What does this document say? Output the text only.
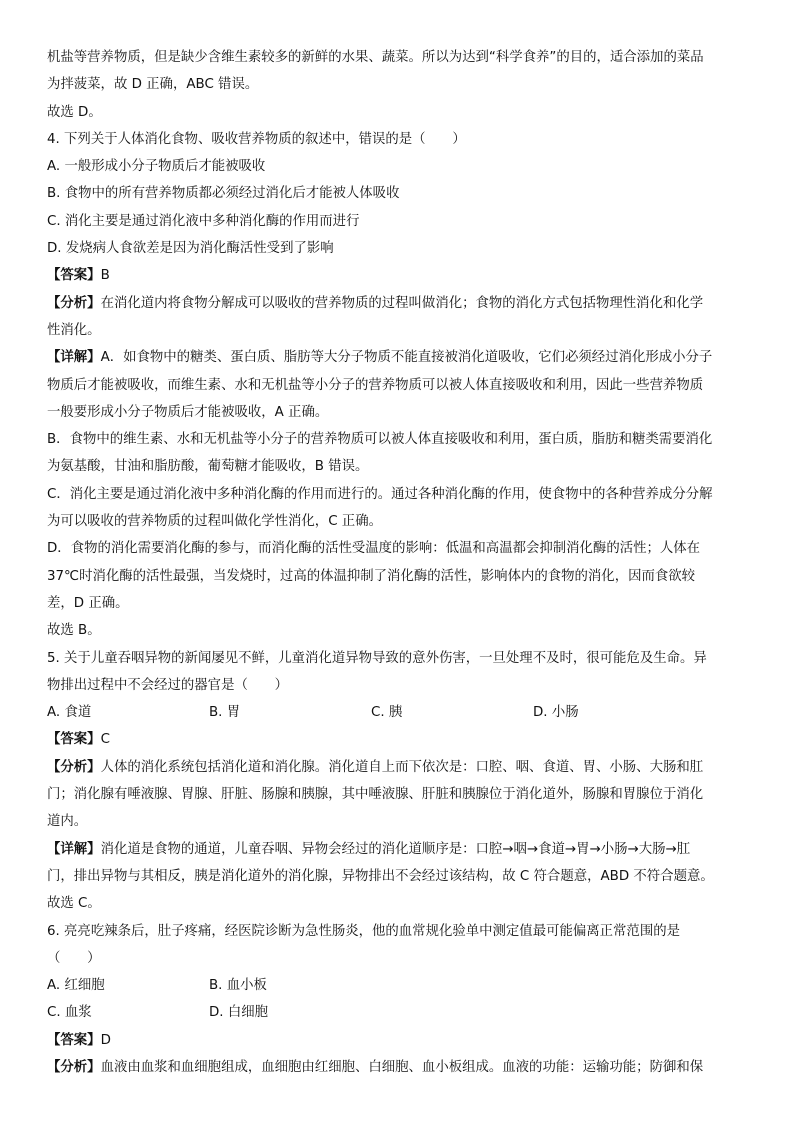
机盐等营养物质，但是缺少含维生素较多的新鲜的水果、蔬菜。所以为达到“科学食养”的目的，适合添加的菜品
为拌菠菜，故 D 正确，ABC 错误。
故选 D。
4. 下列关于人体消化食物、吸收营养物质的叙述中，错误的是（　　）
A. 一般形成小分子物质后才能被吸收
B. 食物中的所有营养物质都必须经过消化后才能被人体吸收
C. 消化主要是通过消化液中多种消化酶的作用而进行
D. 发烧病人食欲差是因为消化酶活性受到了影响
【答案】B
【分析】在消化道内将食物分解成可以吸收的营养物质的过程叫做消化；食物的消化方式包括物理性消化和化学
性消化。
【详解】A．如食物中的糖类、蛋白质、脂肪等大分子物质不能直接被消化道吸收，它们必须经过消化形成小分子
物质后才能被吸收，而维生素、水和无机盐等小分子的营养物质可以被人体直接吸收和利用，因此一些营养物质
一般要形成小分子物质后才能被吸收，A 正确。
B．食物中的维生素、水和无机盐等小分子的营养物质可以被人体直接吸收和利用，蛋白质，脂肪和糖类需要消化
为氨基酸，甘油和脂肪酸，葡萄糖才能吸收，B 错误。
C．消化主要是通过消化液中多种消化酶的作用而进行的。通过各种消化酶的作用，使食物中的各种营养成分分解
为可以吸收的营养物质的过程叫做化学性消化，C 正确。
D．食物的消化需要消化酶的参与，而消化酶的活性受温度的影响：低温和高温都会抑制消化酶的活性；人体在
37℃时消化酶的活性最强，当发烧时，过高的体温抑制了消化酶的活性，影响体内的食物的消化，因而食欲较
差，D 正确。
故选 B。
5. 关于儿童吞咽异物的新闻屡见不鲜，儿童消化道异物导致的意外伤害，一旦处理不及时，很可能危及生命。异
物排出过程中不会经过的器官是（　　）
A. 食道	B. 胃	C. 胰	D. 小肠
【答案】C
【分析】人体的消化系统包括消化道和消化腺。消化道自上而下依次是：口腔、咽、食道、胃、小肠、大肠和肛
门；消化腺有唾液腺、胃腺、肝脏、肠腺和胰腺，其中唾液腺、肝脏和胰腺位于消化道外，肠腺和胃腺位于消化
道内。
【详解】消化道是食物的通道，儿童吞咽、异物会经过的消化道顺序是：口腔→咽→食道→胃→小肠→大肠→肛
门，排出异物与其相反，胰是消化道外的消化腺，异物排出不会经过该结构，故 C 符合题意，ABD 不符合题意。
故选 C。
6. 亮亮吃辣条后，肚子疼痛，经医院诊断为急性肠炎，他的血常规化验单中测定值最可能偏离正常范围的是
（　　）
A. 红细胞	B. 血小板
C. 血浆	D. 白细胞
【答案】D
【分析】血液由血浆和血细胞组成，血细胞由红细胞、白细胞、血小板组成。血液的功能：运输功能；防御和保
